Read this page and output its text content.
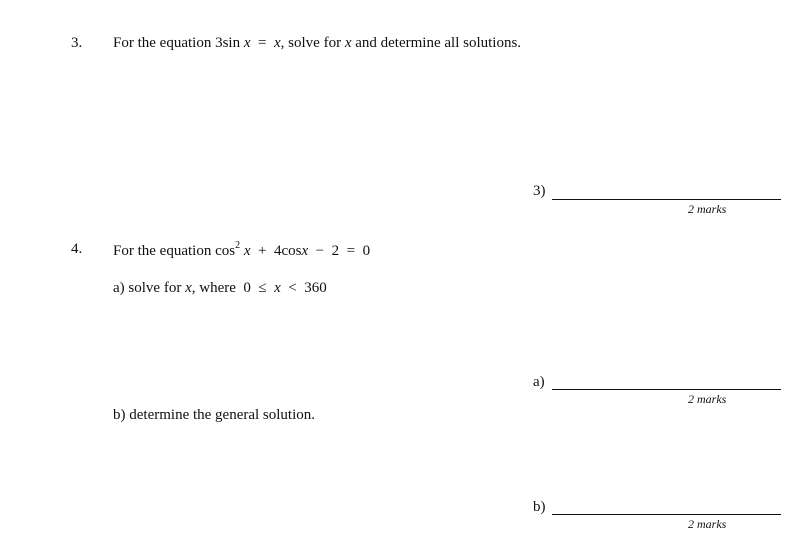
3. For the equation 3sin x = x, solve for x and determine all solutions.
3)
2 marks
4. For the equation $\cos^2 x + 4\cos x - 2 = 0$
a) solve for x, where 0 ≤ x < 360
a)
2 marks
b) determine the general solution.
b)
2 marks
